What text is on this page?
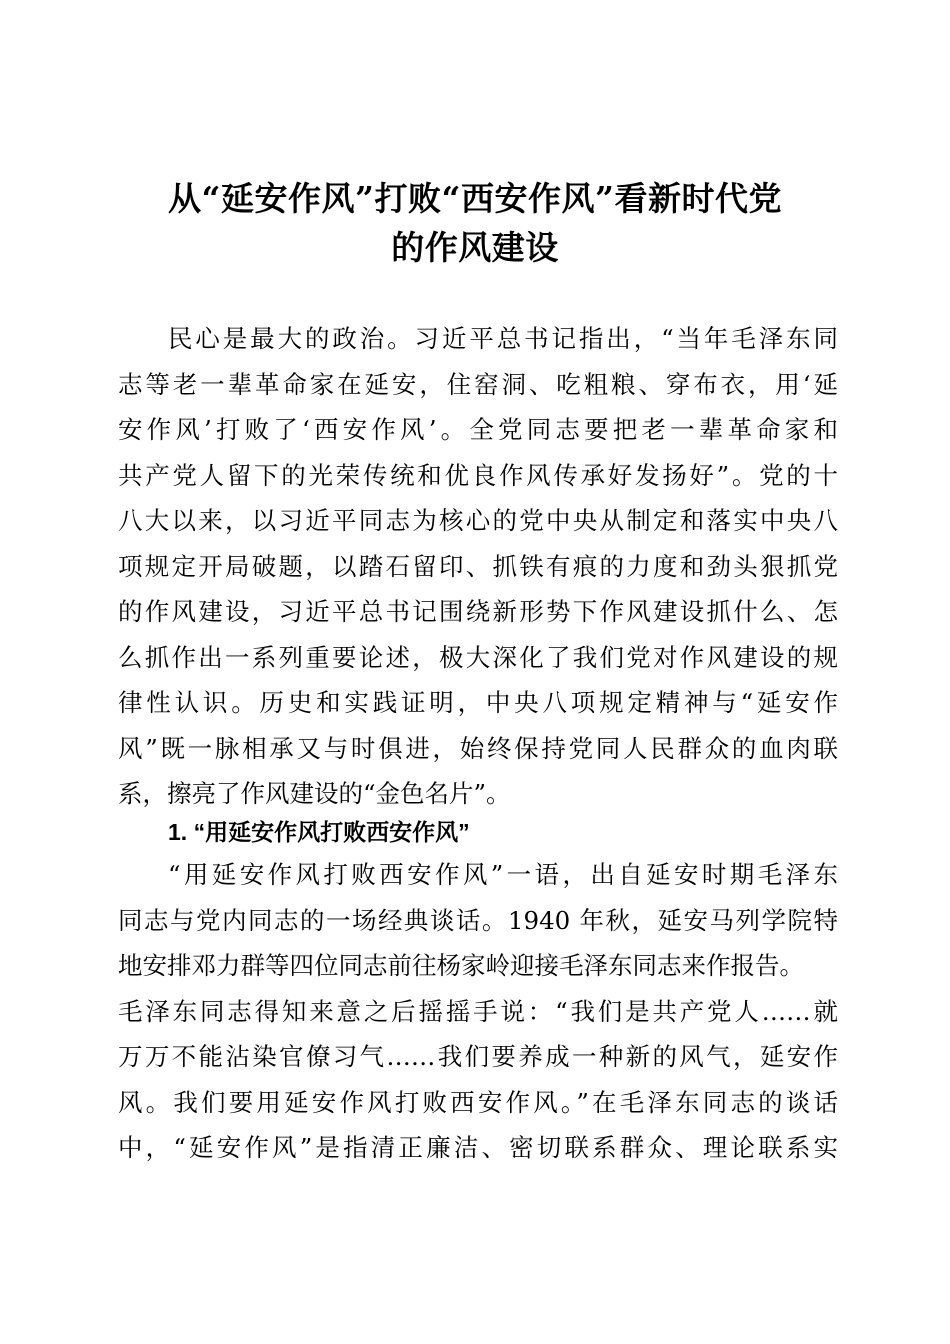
从“延安作风”打败“西安作风”看新时代党
的作风建设
民心是最大的政治。习近平总书记指出，“当年毛泽东同
志等老一辈革命家在延安，住窑洞、吃粗粮、穿布衣，用‘延
安作风’打败了‘西安作风’。全党同志要把老一辈革命家和
共产党人留下的光荣传统和优良作风传承好发扬好”。党的十
八大以来，以习近平同志为核心的党中央从制定和落实中央八
项规定开局破题，以踏石留印、抓铁有痕的力度和劲头狠抓党
的作风建设，习近平总书记围绕新形势下作风建设抓什么、怎
么抓作出一系列重要论述，极大深化了我们党对作风建设的规
律性认识。历史和实践证明，中央八项规定精神与“延安作
风”既一脉相承又与时俱进，始终保持党同人民群众的血肉联
系，擦亮了作风建设的“金色名片”。
1. “用延安作风打败西安作风”
“用延安作风打败西安作风”一语，出自延安时期毛泽东
同志与党内同志的一场经典谈话。1940 年秋，延安马列学院特
地安排邓力群等四位同志前往杨家岭迎接毛泽东同志来作报告。
毛泽东同志得知来意之后摇摇手说：“我们是共产党人……就
万万不能沾染官僚习气……我们要养成一种新的风气，延安作
风。我们要用延安作风打败西安作风。”在毛泽东同志的谈话
中，“延安作风”是指清正廉洁、密切联系群众、理论联系实
